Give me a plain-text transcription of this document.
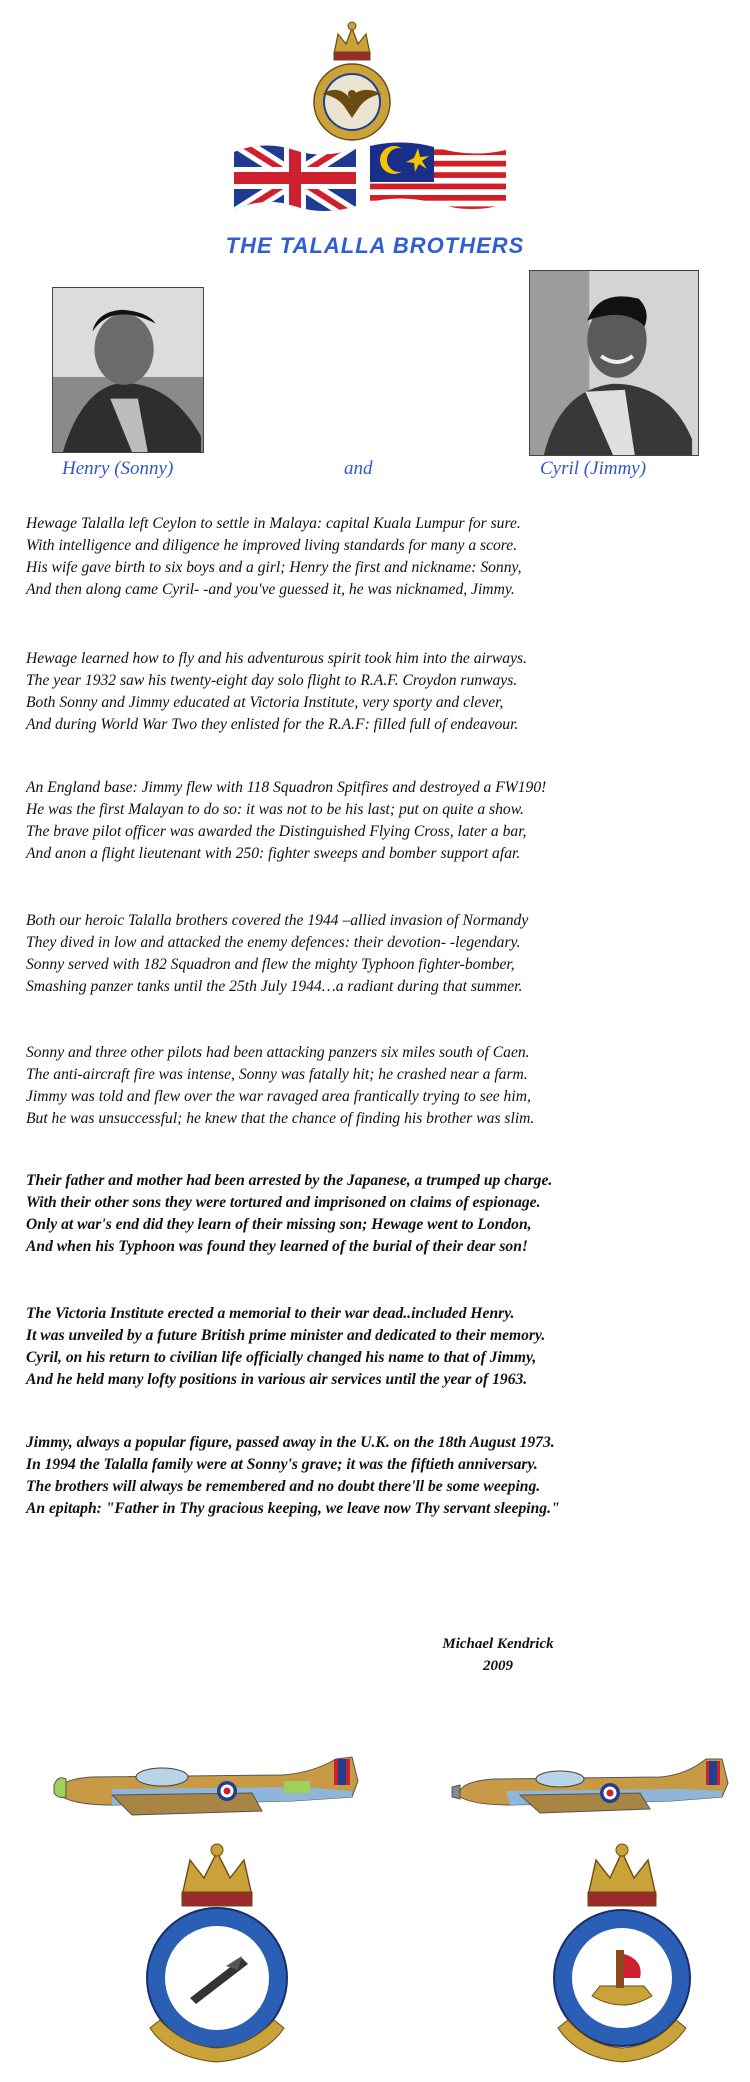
THE TALALLA BROTHERS
Henry (Sonny)	and	Cyril (Jimmy)
Hewage Talalla left Ceylon to settle in Malaya: capital Kuala Lumpur for sure.
With intelligence and diligence he improved living standards for many a score.
His wife gave birth to six boys and a girl; Henry the first and nickname: Sonny,
And then along came Cyril- -and you've guessed it, he was nicknamed, Jimmy.
Hewage learned how to fly and his adventurous spirit took him into the airways.
The year 1932 saw his twenty-eight day solo flight to R.A.F. Croydon runways.
Both Sonny and Jimmy educated at Victoria Institute, very sporty and clever,
And during World War Two they enlisted for the R.A.F: filled full of endeavour.
An England base: Jimmy flew with 118 Squadron Spitfires and destroyed a FW190!
He was the first Malayan to do so: it was not to be his last; put on quite a show.
The brave pilot officer was awarded the Distinguished Flying Cross, later a bar,
And anon a flight lieutenant with 250: fighter sweeps and bomber support afar.
Both our heroic Talalla brothers covered the 1944 –allied invasion of Normandy
They dived in low and attacked the enemy defences: their devotion- -legendary.
Sonny served with 182 Squadron and flew the mighty Typhoon fighter-bomber,
Smashing panzer tanks until the 25th July 1944…a radiant during that summer.
Sonny and three other pilots had been attacking panzers six miles south of Caen.
The anti-aircraft fire was intense, Sonny was fatally hit; he crashed near a farm.
Jimmy was told and flew over the war ravaged area frantically trying to see him,
But he was unsuccessful; he knew that the chance of finding his brother was slim.
Their father and mother had been arrested by the Japanese, a trumped up charge.
With their other sons they were tortured and imprisoned on claims of espionage.
Only at war's end did they learn of their missing son; Hewage went to London,
And when his Typhoon was found they learned of the burial of their dear son!
The Victoria Institute erected a memorial to their war dead..included Henry.
It was unveiled by a future British prime minister and dedicated to their memory.
Cyril, on his return to civilian life officially changed his name to that of Jimmy,
And he held many lofty positions in various air services until the year of 1963.
Jimmy, always a popular figure, passed away in the U.K. on the 18th August 1973.
In 1994 the Talalla family were at Sonny's grave; it was the fiftieth anniversary.
The brothers will always be remembered and no doubt there'll be some weeping.
An epitaph: "Father in Thy gracious keeping, we leave now Thy servant sleeping."
Michael Kendrick
2009
